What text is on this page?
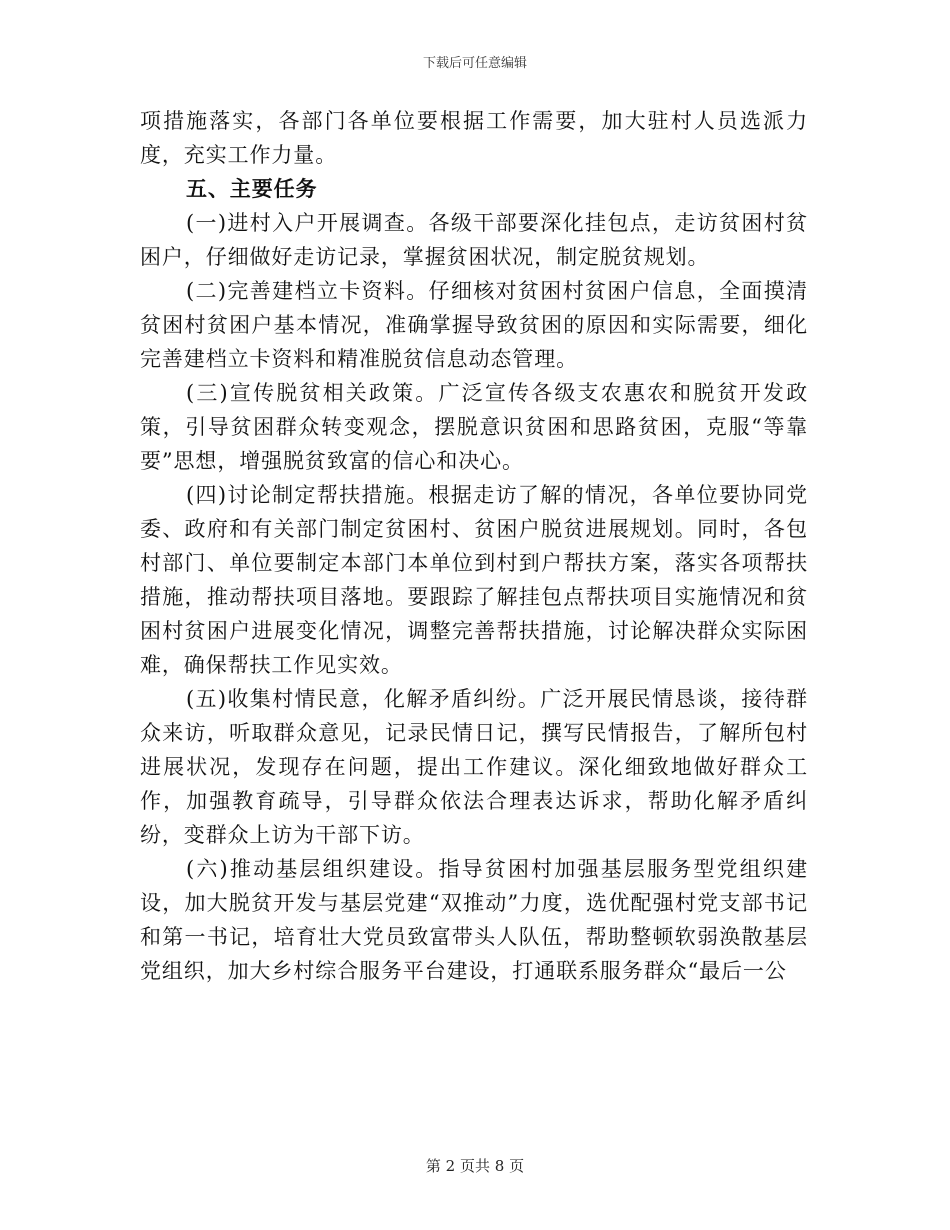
下载后可任意编辑

项措施落实，各部门各单位要根据工作需要，加大驻村人员选派力度，充实工作力量。

五、主要任务

(一)进村入户开展调查。各级干部要深化挂包点，走访贫困村贫困户，仔细做好走访记录，掌握贫困状况，制定脱贫规划。

(二)完善建档立卡资料。仔细核对贫困村贫困户信息，全面摸清贫困村贫困户基本情况，准确掌握导致贫困的原因和实际需要，细化完善建档立卡资料和精准脱贫信息动态管理。

(三)宣传脱贫相关政策。广泛宣传各级支农惠农和脱贫开发政策，引导贫困群众转变观念，摆脱意识贫困和思路贫困，克服“等靠要”思想，增强脱贫致富的信心和决心。

(四)讨论制定帮扶措施。根据走访了解的情况，各单位要协同党委、政府和有关部门制定贫困村、贫困户脱贫进展规划。同时，各包村部门、单位要制定本部门本单位到村到户帮扶方案，落实各项帮扶措施，推动帮扶项目落地。要跟踪了解挂包点帮扶项目实施情况和贫困村贫困户进展变化情况，调整完善帮扶措施，讨论解决群众实际困难，确保帮扶工作见实效。

(五)收集村情民意，化解矛盾纠纷。广泛开展民情恳谈，接待群众来访，听取群众意见，记录民情日记，撰写民情报告，了解所包村进展状况，发现存在问题，提出工作建议。深化细致地做好群众工作，加强教育疏导，引导群众依法合理表达诉求，帮助化解矛盾纠纷，变群众上访为干部下访。

(六)推动基层组织建设。指导贫困村加强基层服务型党组织建设，加大脱贫开发与基层党建“双推动”力度，选优配强村党支部书记和第一书记，培育壮大党员致富带头人队伍，帮助整顿软弱涣散基层党组织，加大乡村综合服务平台建设，打通联系服务群众“最后一公

第 2 页共 8 页
